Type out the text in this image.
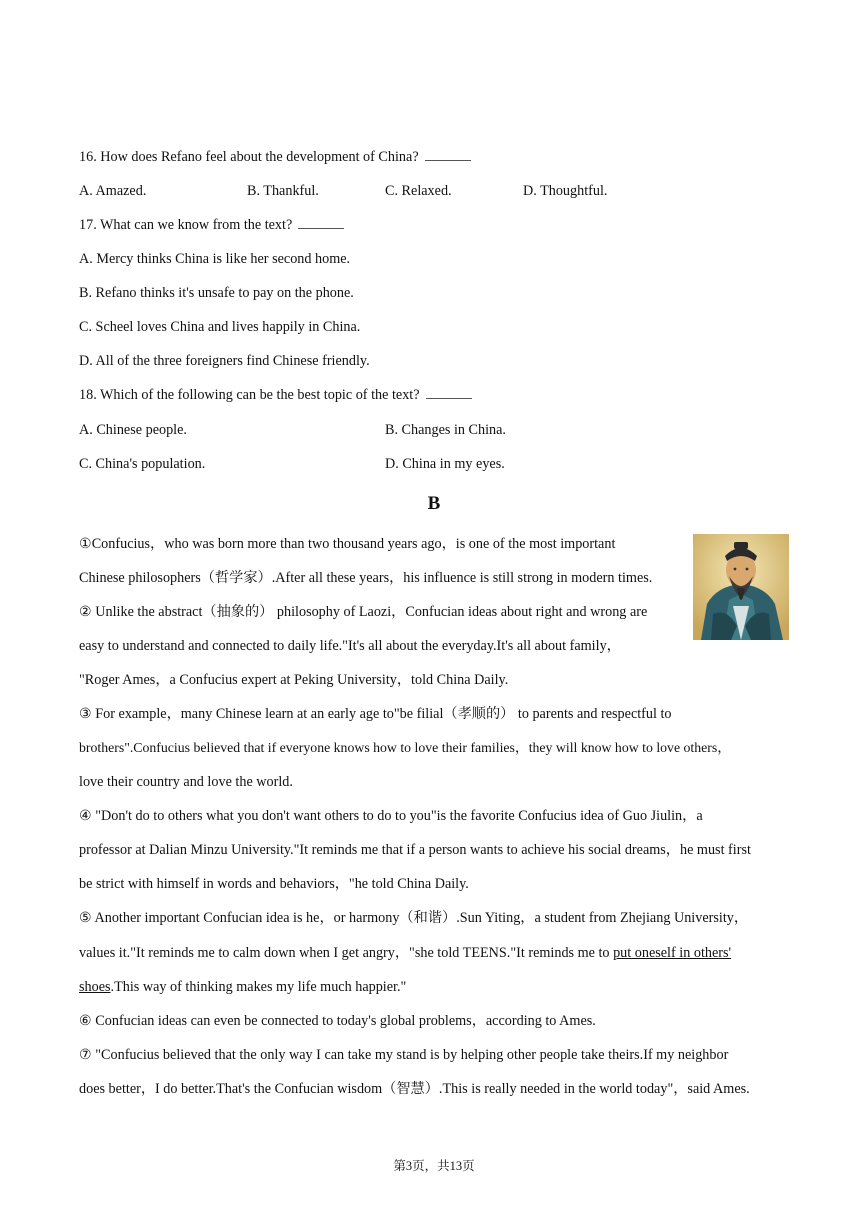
16. How does Refano feel about the development of China?
A. Amazed.	B. Thankful.	C. Relaxed.	D. Thoughtful.
17. What can we know from the text?
A. Mercy thinks China is like her second home.
B. Refano thinks it's unsafe to pay on the phone.
C. Scheel loves China and lives happily in China.
D. All of the three foreigners find Chinese friendly.
18. Which of the following can be the best topic of the text?
A. Chinese people.	B. Changes in China.
C. China's population.	D. China in my eyes.
B
①Confucius，who was born more than two thousand years ago，is one of the most important
Chinese philosophers（哲学家）.After all these years，his influence is still strong in modern times.
② Unlike the abstract（抽象的） philosophy of Laozi，Confucian ideas about right and wrong are
easy to understand and connected to daily life."It's all about the everyday.It's all about family，
"Roger Ames，a Confucius expert at Peking University，told China Daily.
③ For example，many Chinese learn at an early age to"be filial（孝顺的） to parents and respectful to
brothers".Confucius believed that if everyone knows how to love their families，they will know how to love others，
love their country and love the world.
④ "Don't do to others what you don't want others to do to you"is the favorite Confucius idea of Guo Jiulin，a
professor at Dalian Minzu University."It reminds me that if a person wants to achieve his social dreams，he must first
be strict with himself in words and behaviors，"he told China Daily.
⑤ Another important Confucian idea is he，or harmony（和谐）.Sun Yiting，a student from Zhejiang University，
values it."It reminds me to calm down when I get angry，"she told TEENS."It reminds me to put oneself in others'
shoes.This way of thinking makes my life much happier."
⑥ Confucian ideas can even be connected to today's global problems，according to Ames.
⑦ "Confucius believed that the only way I can take my stand is by helping other people take theirs.If my neighbor
does better，I do better.That's the Confucian wisdom（智慧）.This is really needed in the world today"，said Ames.
第3页，共13页
